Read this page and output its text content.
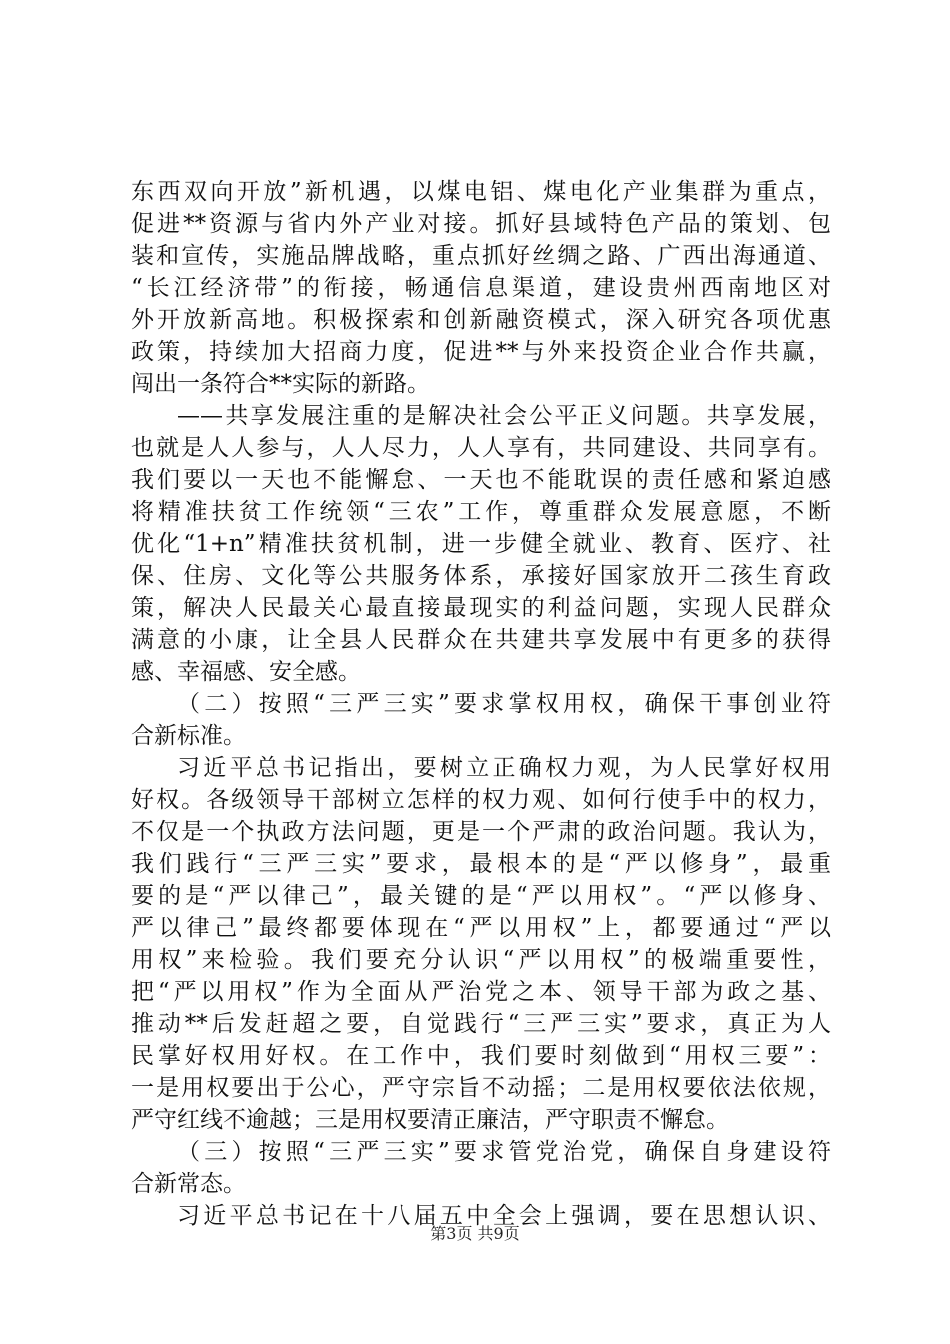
东西双向开放”新机遇，以煤电铝、煤电化产业集群为重点，
促进**资源与省内外产业对接。抓好县域特色产品的策划、包
装和宣传，实施品牌战略，重点抓好丝绸之路、广西出海通道、
“长江经济带”的衔接，畅通信息渠道，建设贵州西南地区对
外开放新高地。积极探索和创新融资模式，深入研究各项优惠
政策，持续加大招商力度，促进**与外来投资企业合作共赢，
闯出一条符合**实际的新路。
——共享发展注重的是解决社会公平正义问题。共享发展，
也就是人人参与，人人尽力，人人享有，共同建设、共同享有。
我们要以一天也不能懈怠、一天也不能耽误的责任感和紧迫感
将精准扶贫工作统领“三农”工作，尊重群众发展意愿，不断
优化“1+n”精准扶贫机制，进一步健全就业、教育、医疗、社
保、住房、文化等公共服务体系，承接好国家放开二孩生育政
策，解决人民最关心最直接最现实的利益问题，实现人民群众
满意的小康，让全县人民群众在共建共享发展中有更多的获得
感、幸福感、安全感。
（二）按照“三严三实”要求掌权用权，确保干事创业符
合新标准。
习近平总书记指出，要树立正确权力观，为人民掌好权用
好权。各级领导干部树立怎样的权力观、如何行使手中的权力，
不仅是一个执政方法问题，更是一个严肃的政治问题。我认为，
我们践行“三严三实”要求，最根本的是“严以修身”，最重
要的是“严以律己”，最关键的是“严以用权”。“严以修身、
严以律己”最终都要体现在“严以用权”上，都要通过“严以
用权”来检验。我们要充分认识“严以用权”的极端重要性，
把“严以用权”作为全面从严治党之本、领导干部为政之基、
推动**后发赶超之要，自觉践行“三严三实”要求，真正为人
民掌好权用好权。在工作中，我们要时刻做到“用权三要”：
一是用权要出于公心，严守宗旨不动摇；二是用权要依法依规，
严守红线不逾越；三是用权要清正廉洁，严守职责不懈怠。
（三）按照“三严三实”要求管党治党，确保自身建设符
合新常态。
习近平总书记在十八届五中全会上强调，要在思想认识、
第3页 共9页
